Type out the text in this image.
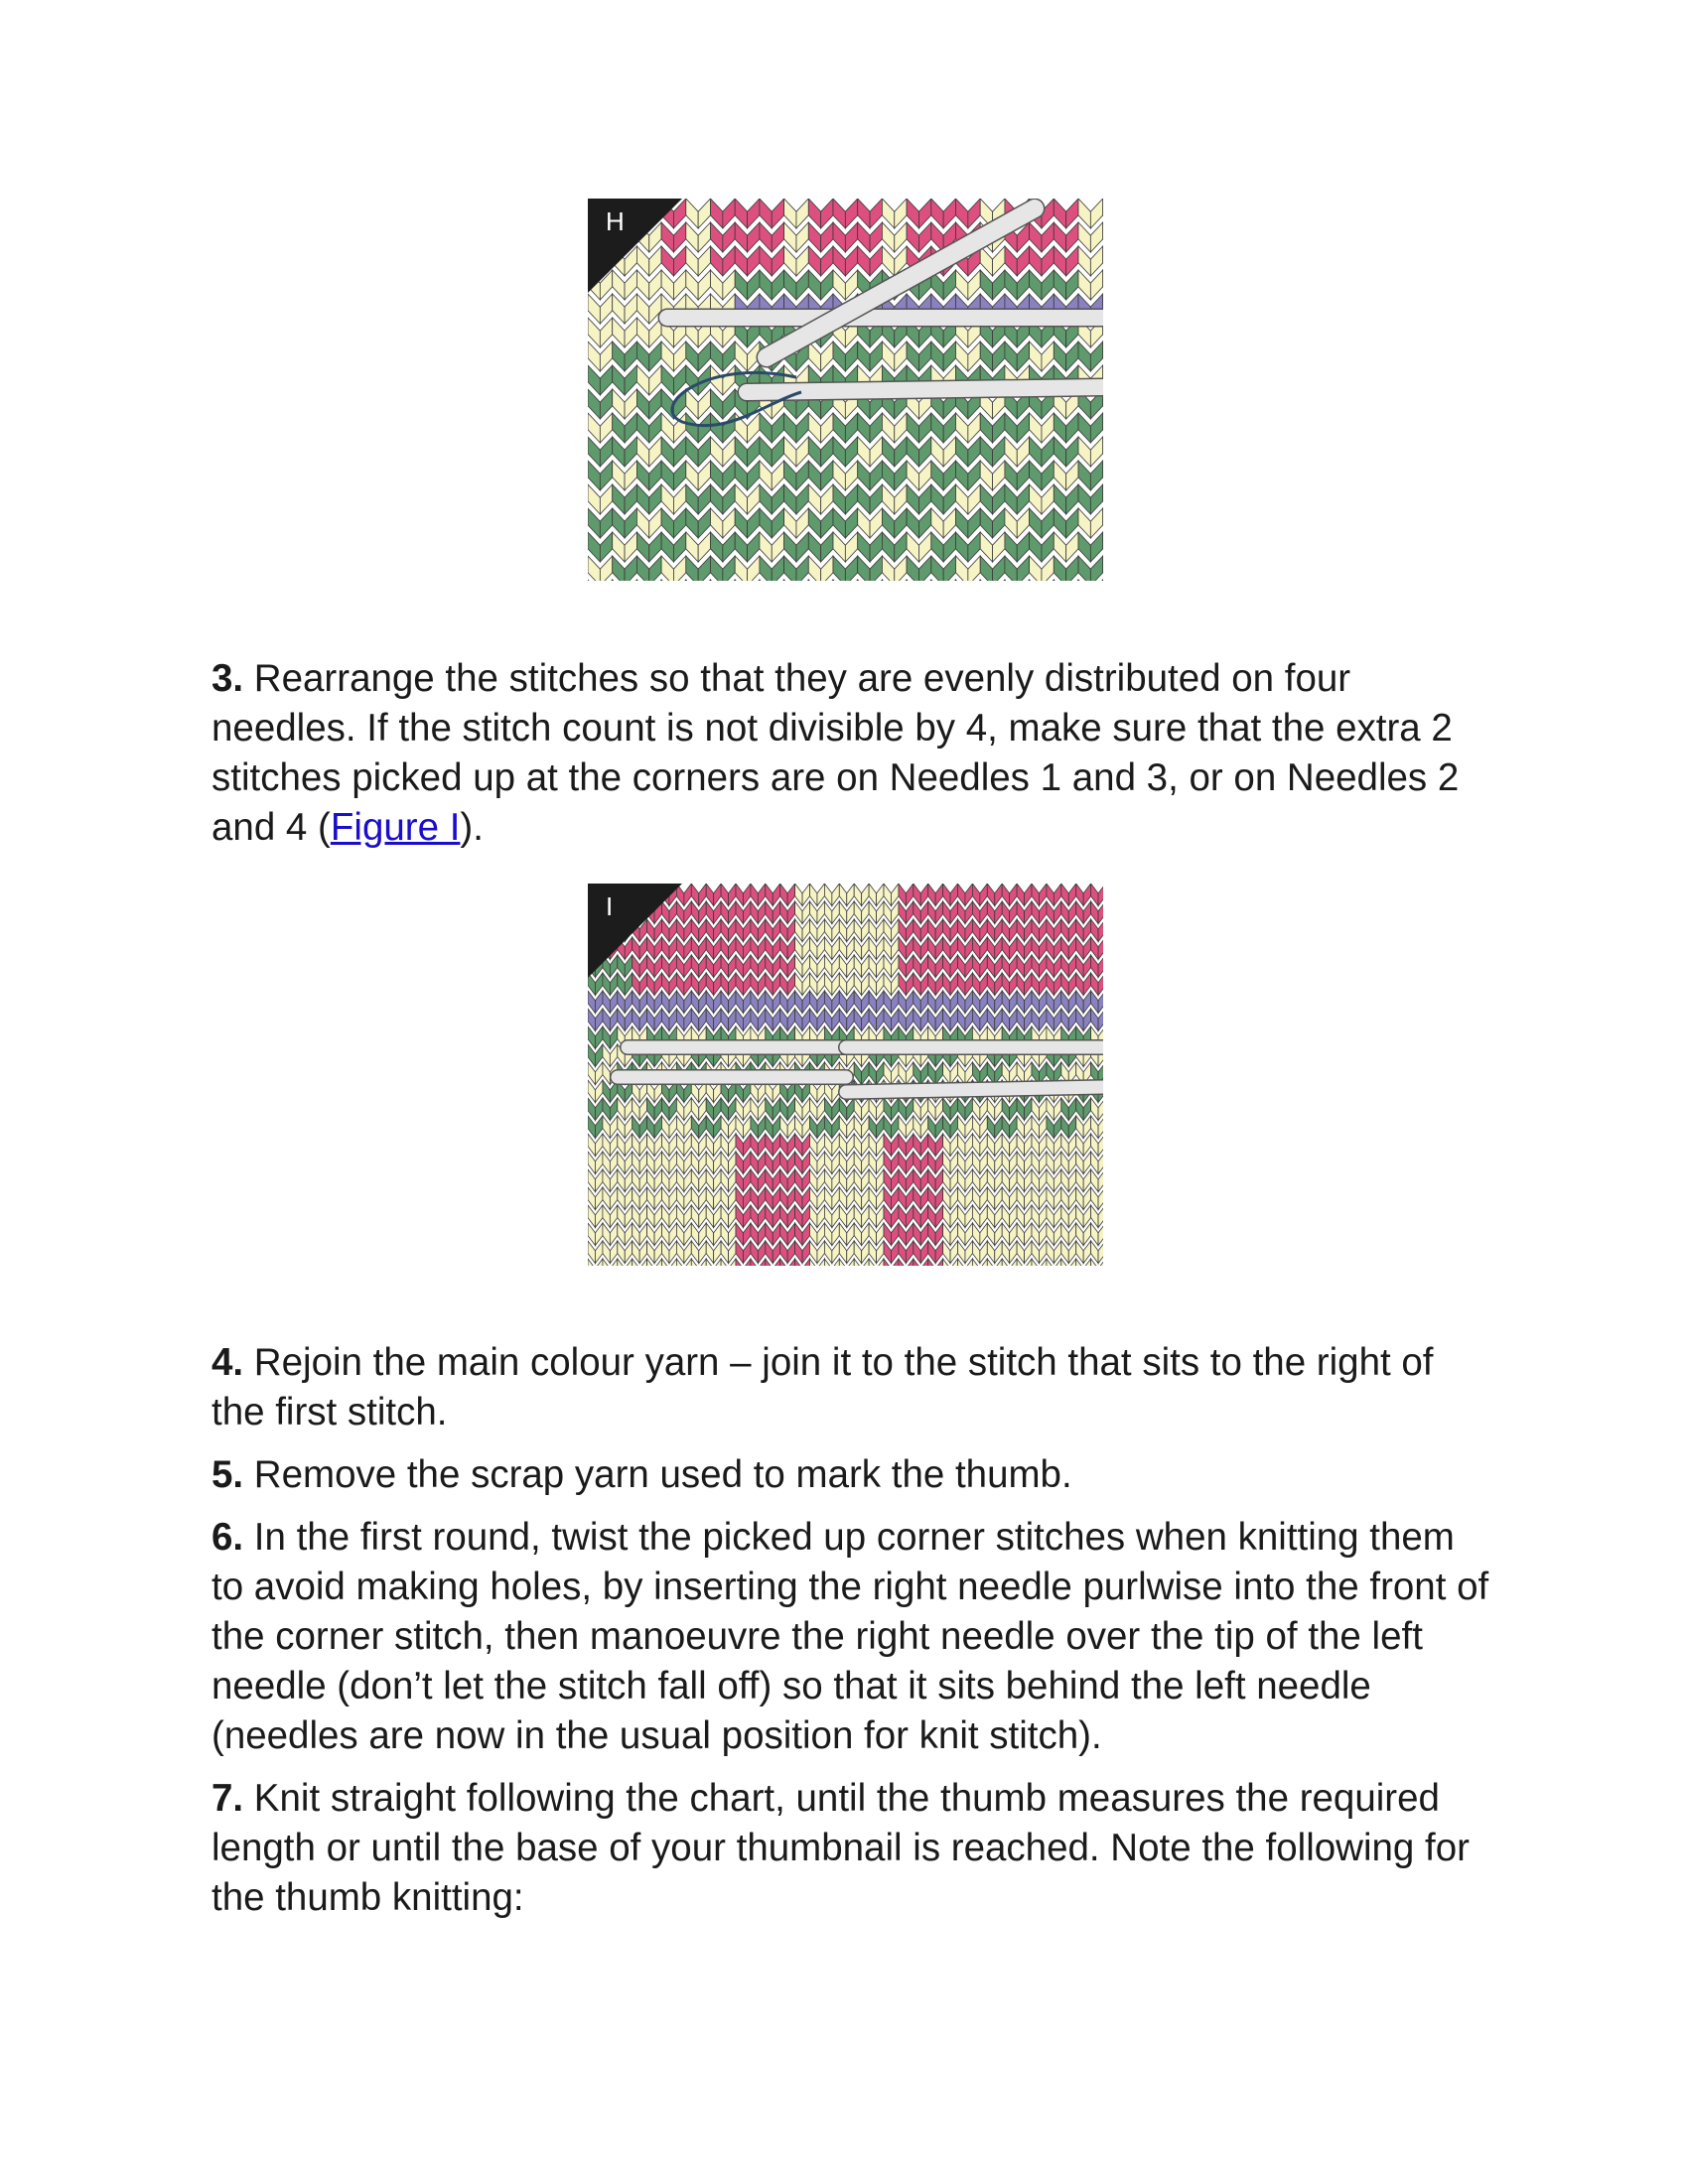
H

3. Rearrange the stitches so that they are evenly distributed on four needles. If the stitch count is not divisible by 4, make sure that the extra 2 stitches picked up at the corners are on Needles 1 and 3, or on Needles 2 and 4 (Figure I).

I

4. Rejoin the main colour yarn – join it to the stitch that sits to the right of the first stitch.

5. Remove the scrap yarn used to mark the thumb.

6. In the first round, twist the picked up corner stitches when knitting them to avoid making holes, by inserting the right needle purlwise into the front of the corner stitch, then manoeuvre the right needle over the tip of the left needle (don’t let the stitch fall off) so that it sits behind the left needle (needles are now in the usual position for knit stitch).

7. Knit straight following the chart, until the thumb measures the required length or until the base of your thumbnail is reached. Note the following for the thumb knitting:
